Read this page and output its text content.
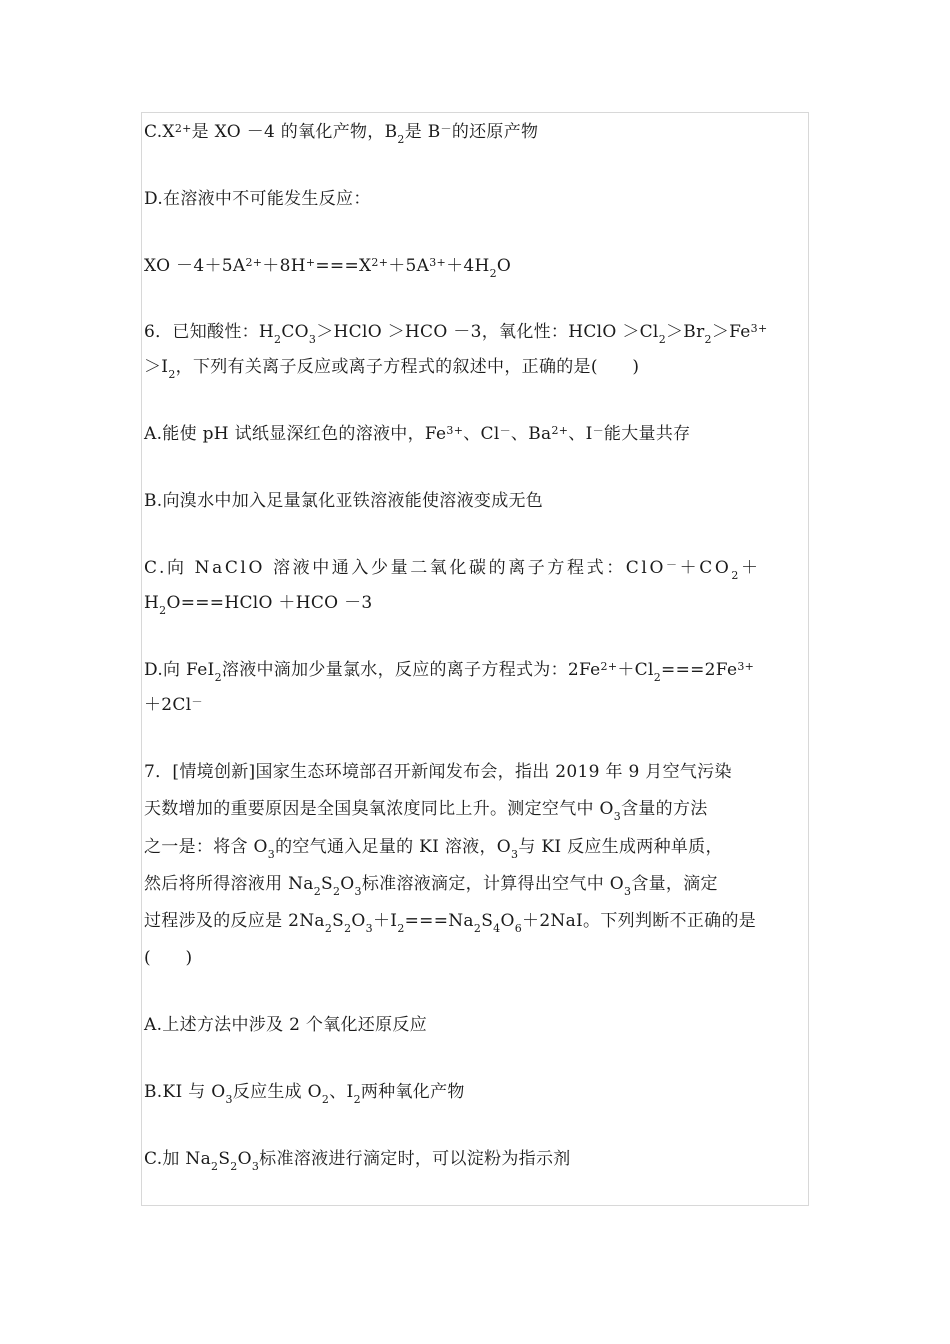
$C.X^{2+}$是 XO －4 的氧化产物，$B_2$是 B－的还原产物
D.在溶液中不可能发生反应：
XO $-4+5A^{2+}+8H^+===X^{2+}+5A^{3+}+4H_2O$
6．已知酸性：$H_2CO_3>HClO >HCO -3$，氧化性：HClO $>Cl_2>Br_2>Fe^{3+}$
$>I_2$，下列有关离子反应或离子方程式的叙述中，正确的是(　　)
A.能使 pH 试纸显深红色的溶液中，$Fe^{3+}$、Cl－、$Ba^{2+}$、I－能大量共存
B.向溴水中加入足量氯化亚铁溶液能使溶液变成无色
C.向 NaClO 溶液中通入少量二氧化碳的离子方程式：$ClO^-+CO_2+$
$H_2O===HClO +HCO -3$
D.向 FeI$_2$溶液中滴加少量氯水，反应的离子方程式为：$2Fe^{2+}+Cl_2===2Fe^{3+}$
＋2Cl－
7．[情境创新]国家生态环境部召开新闻发布会，指出 2019 年 9 月空气污染
天数增加的重要原因是全国臭氧浓度同比上升。测定空气中 $O_3$含量的方法
之一是：将含 $O_3$的空气通入足量的 KI 溶液，$O_3$与 KI 反应生成两种单质，
然后将所得溶液用 $Na_2S_2O_3$标准溶液滴定，计算得出空气中 $O_3$含量，滴定
过程涉及的反应是 $2Na_2S_2O_3+I_2===Na_2S_4O_6+2NaI$。下列判断不正确的是
(　　)
A.上述方法中涉及 2 个氧化还原反应
B.KI 与 $O_3$反应生成 $O_2$、$I_2$两种氧化产物
C.加 $Na_2S_2O_3$标准溶液进行滴定时，可以淀粉为指示剂
